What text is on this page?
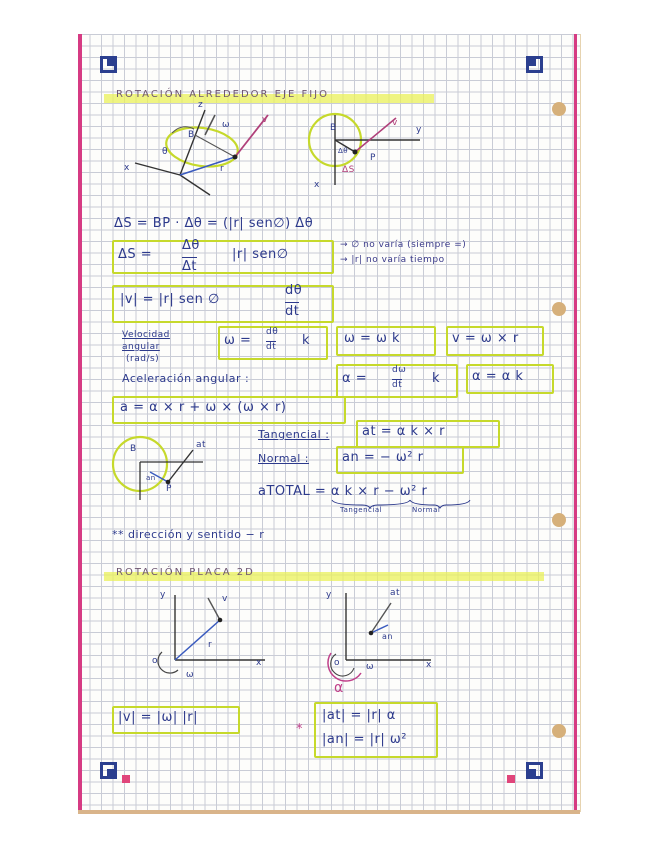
ROTACIÓN ALREDEDOR EJE FIJO
z
x
θ
B
r
ω	v
B	y
x
P
Δθ
ΔS
v
ΔS = BP · Δθ = (|r| sen∅) Δθ
ΔS =
Δθ
Δt
|r| sen∅
→ ∅ no varía (siempre =)
→ |r| no varía tiempo
|v| = |r| sen ∅
dθ
dt
Velocidad
angular
(rad/s)
ω =
dθ
dt k	ω = ω k	v = ω × r
Aceleración angular :	α =
dω
dt k α = α k
a = α × r + ω × (ω × r)
B	at
an
P
Tangencial :	at = α k × r
Normal :	an = − ω² r
aTOTAL = α k × r − ω² r
Tangencial	Normal
** dirección y sentido − r
ROTACIÓN PLACA 2D
y
x
v
r
ω
o
y
x
at
an
ω
α
o
|v| = |ω| |r|
*
|at| = |r| α
|an| = |r| ω²
